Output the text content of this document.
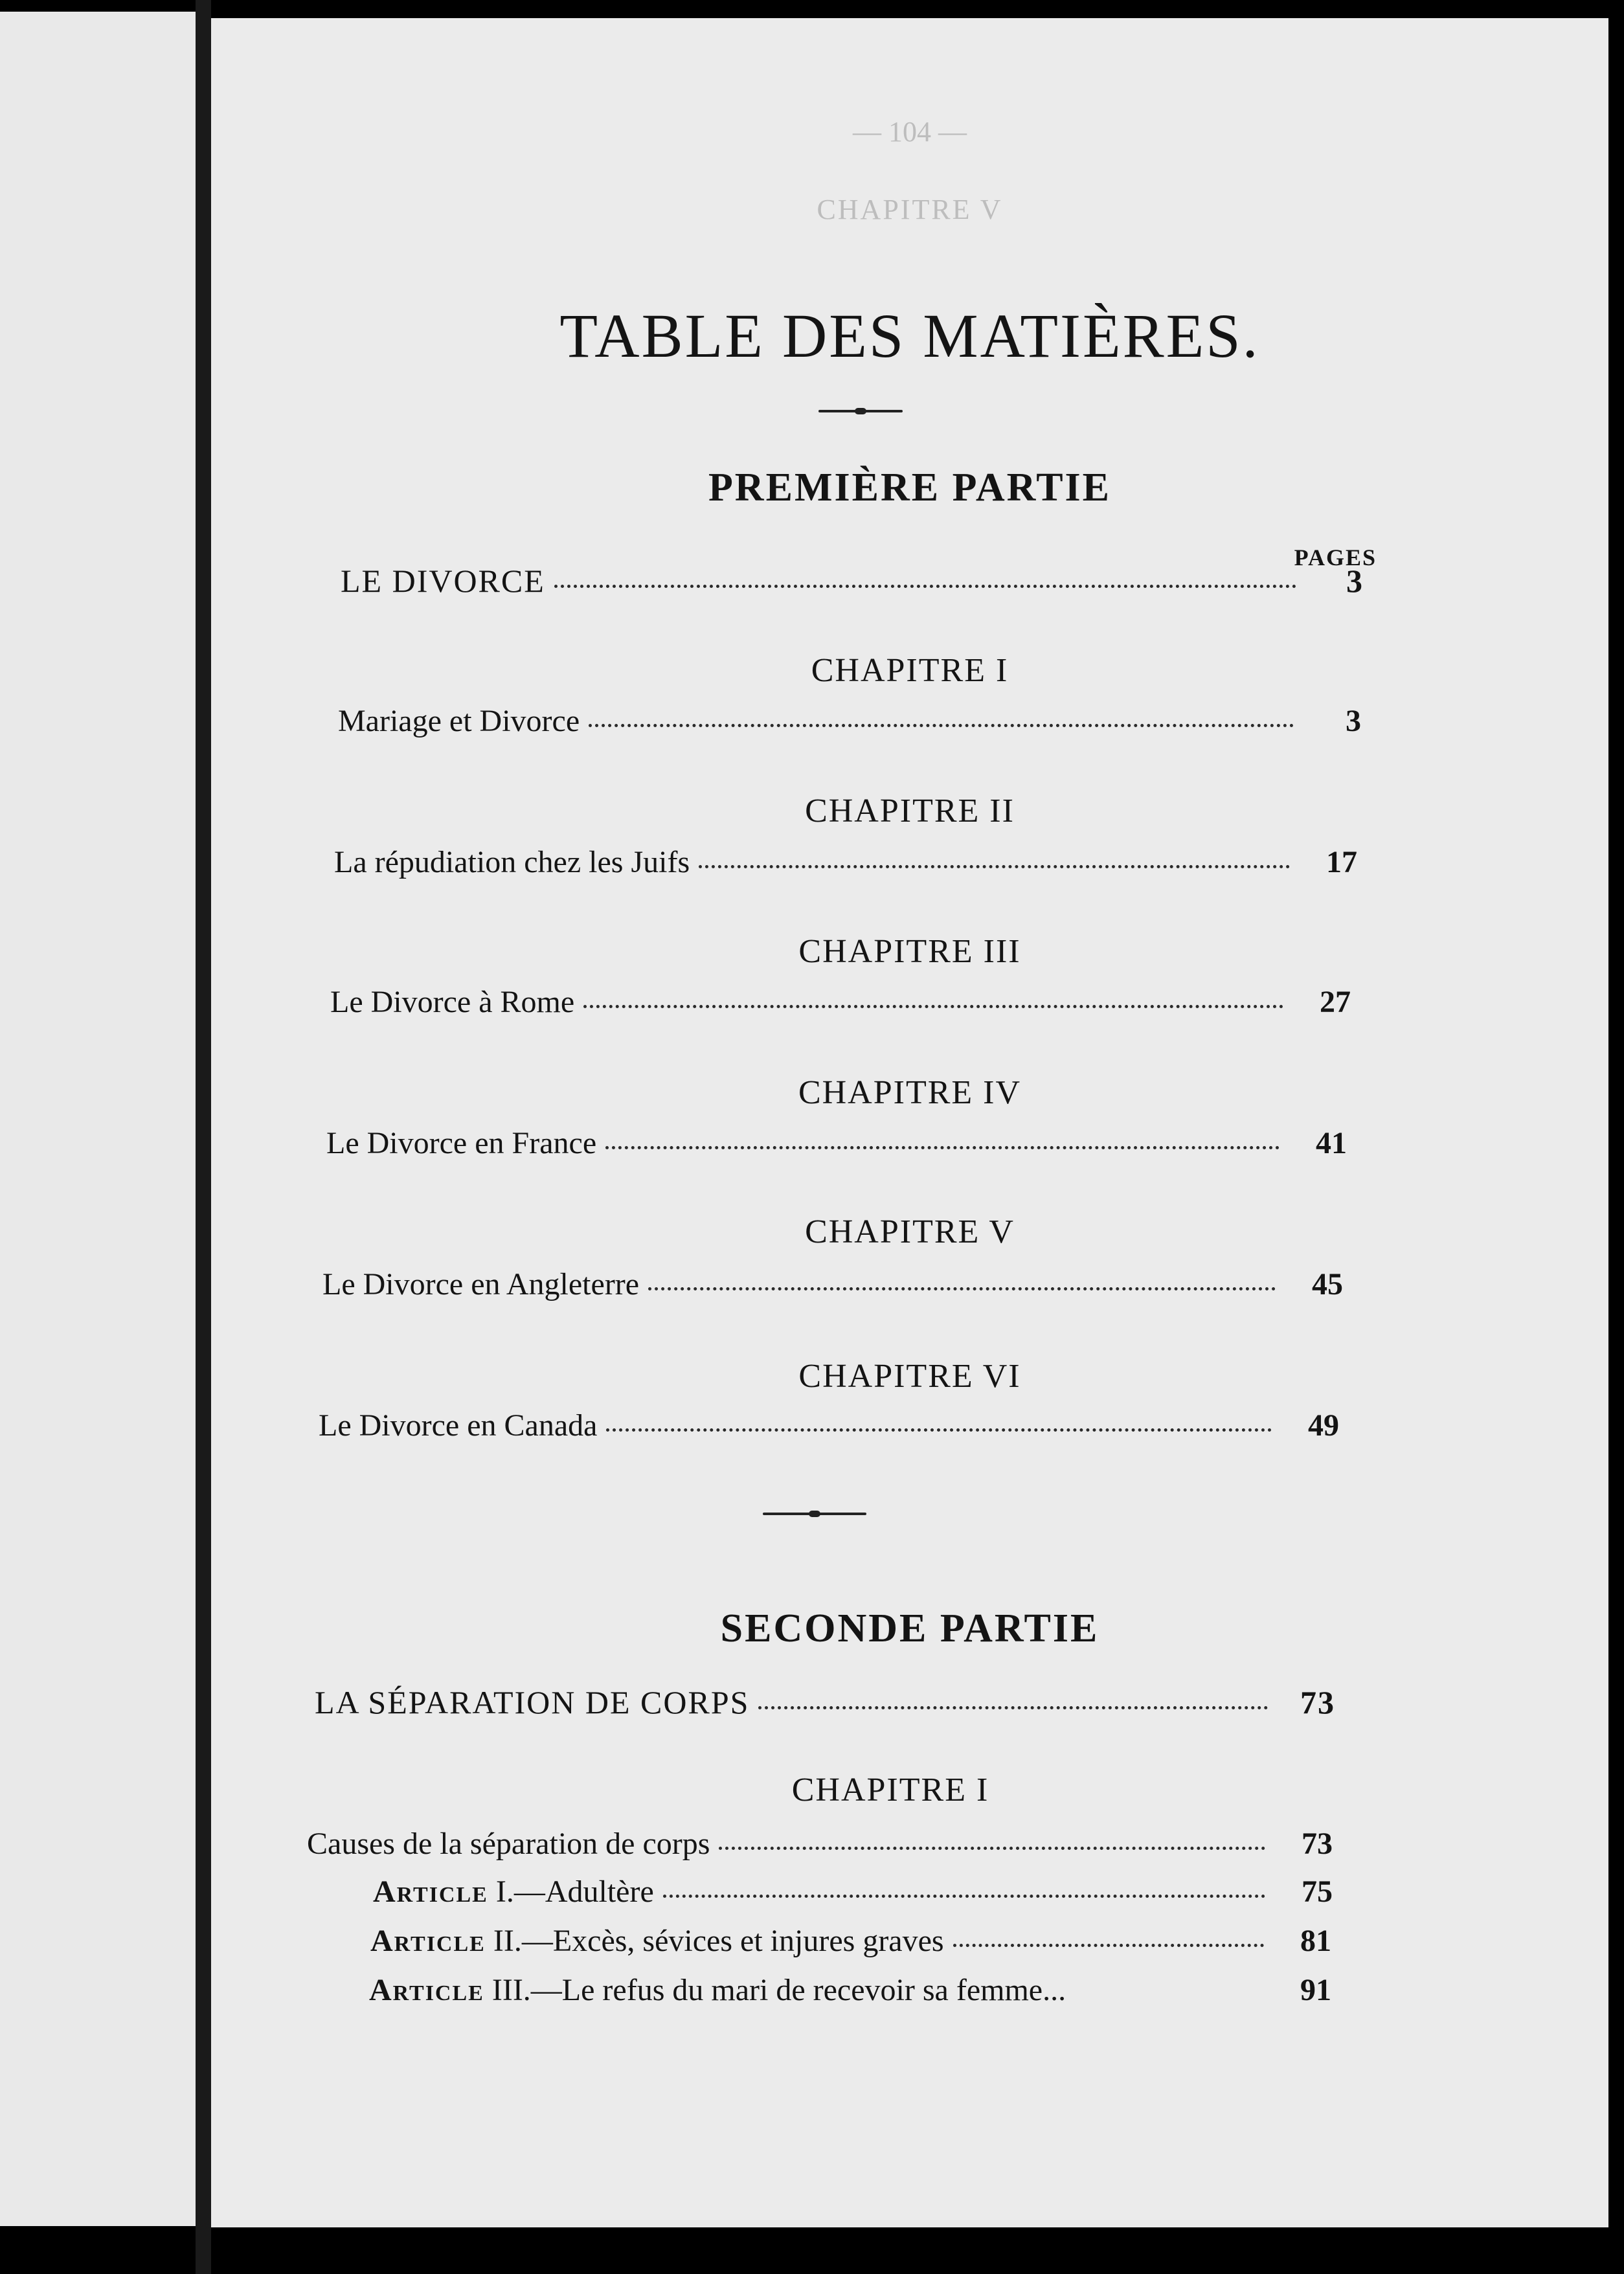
— 104 —
CHAPITRE V
TABLE DES MATIÈRES.
PREMIÈRE PARTIE
PAGES
LE DIVORCE	3
CHAPITRE I
Mariage et Divorce	3
CHAPITRE II
La répudiation chez les Juifs	17
CHAPITRE III
Le Divorce à Rome	27
CHAPITRE IV
Le Divorce en France	41
CHAPITRE V
Le Divorce en Angleterre	45
CHAPITRE VI
Le Divorce en Canada	49
SECONDE PARTIE
LA SÉPARATION DE CORPS	73
CHAPITRE I
Causes de la séparation de corps	73
Article I.—Adultère	75
Article II.—Excès, sévices et injures graves	81
Article III.—Le refus du mari de recevoir sa femme...	91
